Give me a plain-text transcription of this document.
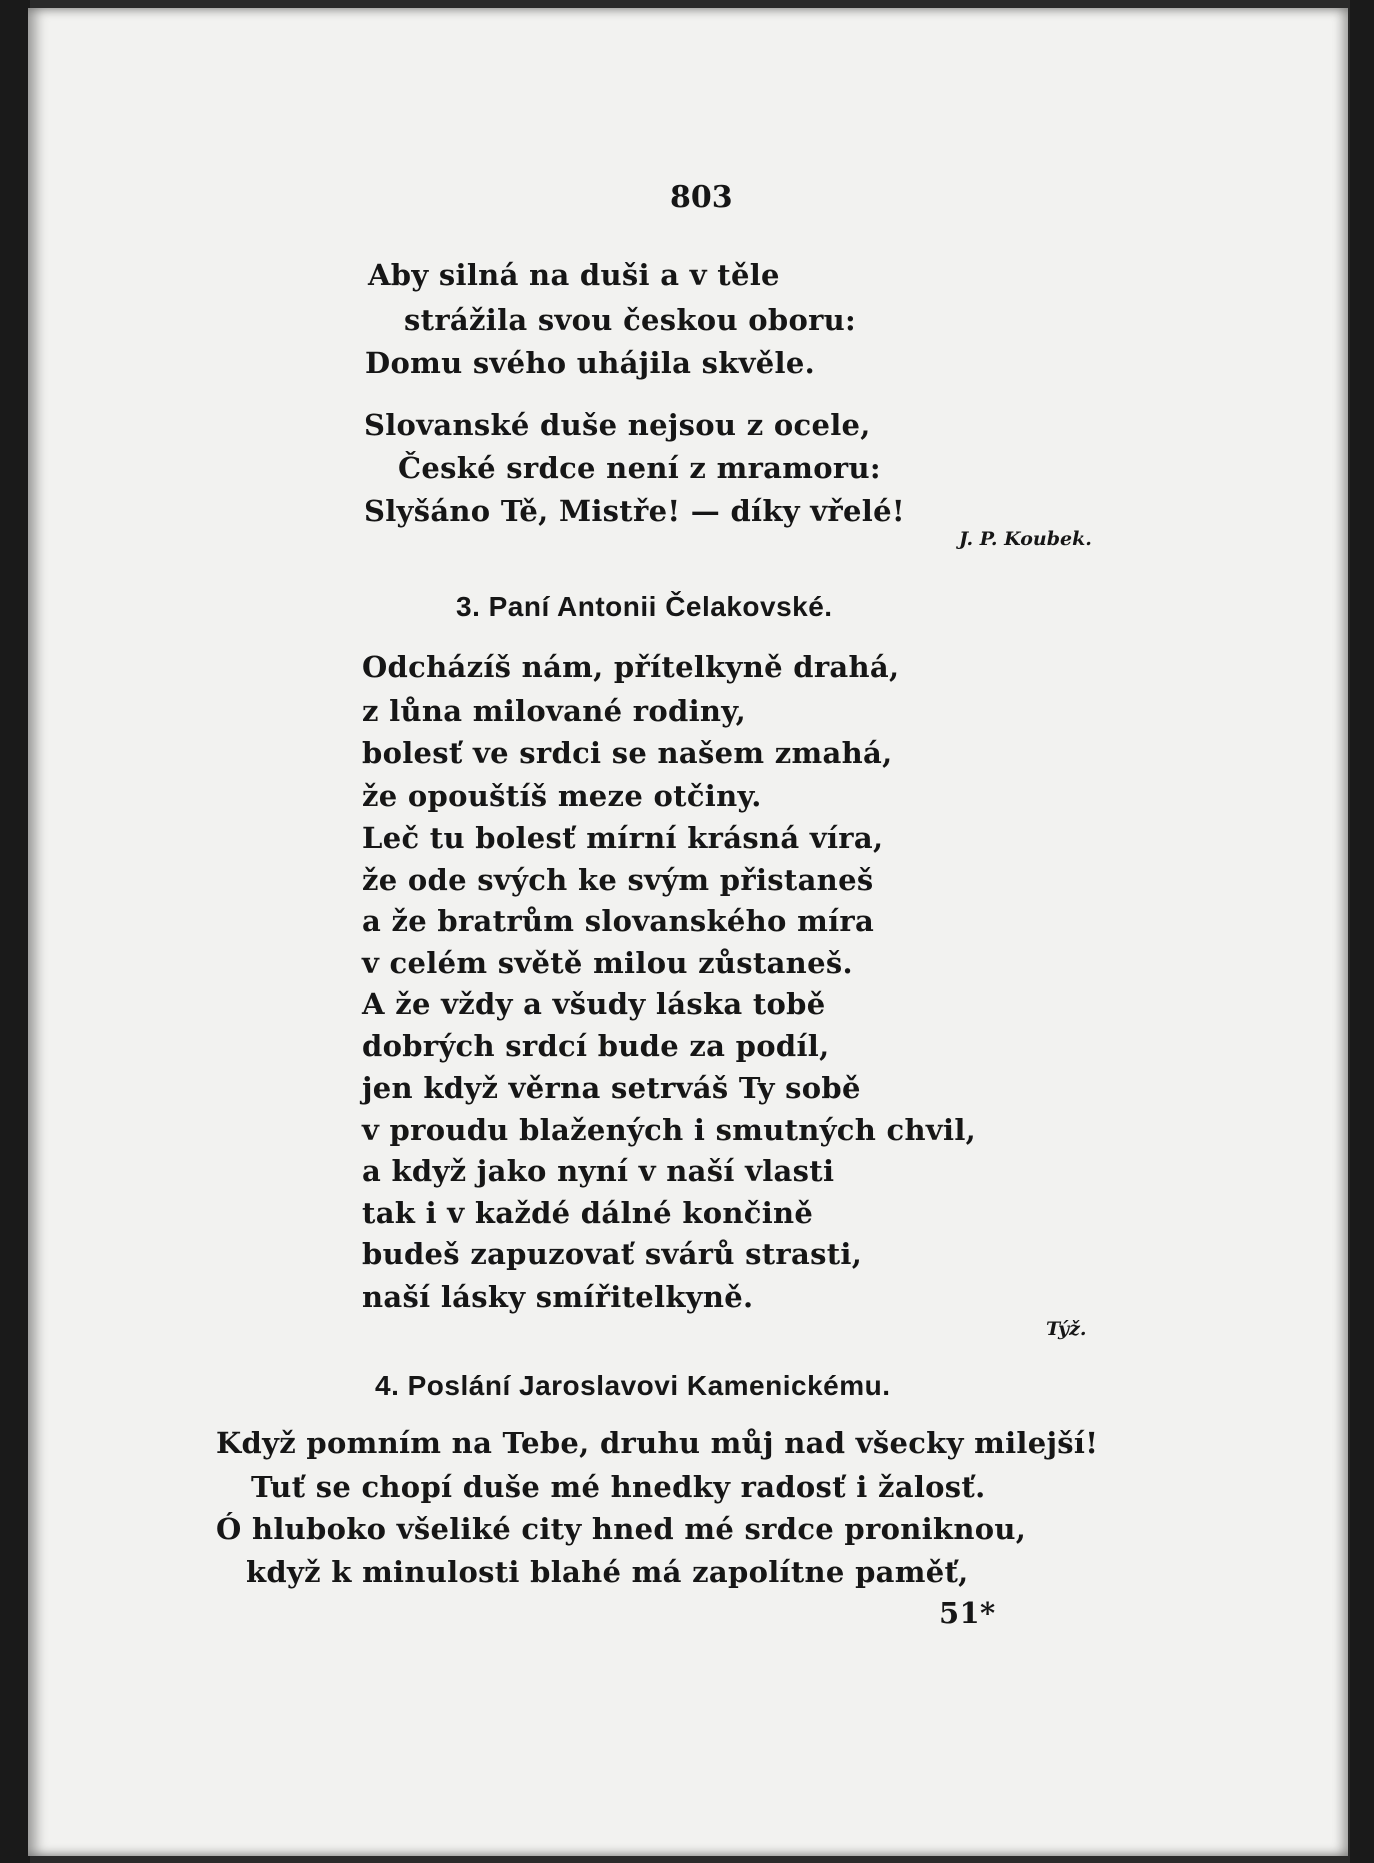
803
Aby silná na duši a v těle
strážila svou českou oboru:
Domu svého uhájila skvěle.
Slovanské duše nejsou z ocele,
České srdce není z mramoru:
Slyšáno Tě, Mistře! — díky vřelé!
J. P. Koubek.
3. Paní Antonii Čelakovské.
Odcházíš nám, přítelkyně drahá,
z lůna milované rodiny,
bolesť ve srdci se našem zmahá,
že opouštíš meze otčiny.
Leč tu bolesť mírní krásná víra,
že ode svých ke svým přistaneš
a že bratrům slovanského míra
v celém světě milou zůstaneš.
A že vždy a všudy láska tobě
dobrých srdcí bude za podíl,
jen když věrna setrváš Ty sobě
v proudu blažených i smutných chvil,
a když jako nyní v naší vlasti
tak i v každé dálné končině
budeš zapuzovať svárů strasti,
naší lásky smířitelkyně.
Týž.
4. Poslání Jaroslavovi Kamenickému.
Když pomním na Tebe, druhu můj nad všecky milejší!
Tuť se chopí duše mé hnedky radosť i žalosť.
Ó hluboko všeliké city hned mé srdce proniknou,
když k minulosti blahé má zapolítne paměť,
51*
